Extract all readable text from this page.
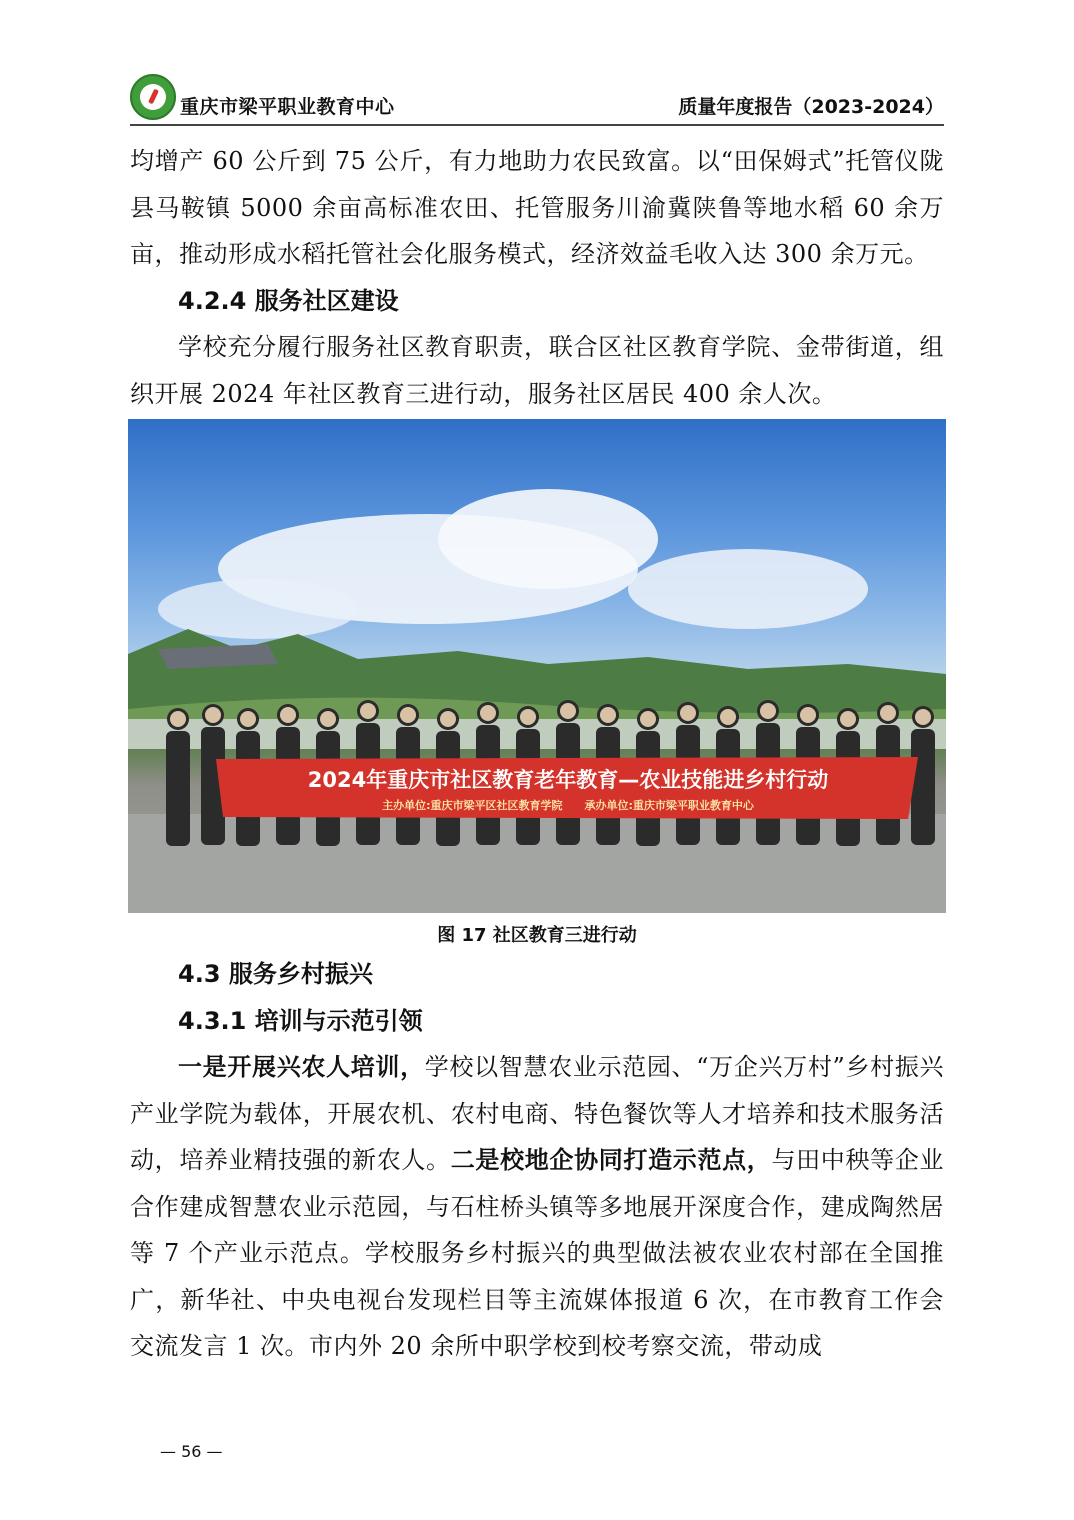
重庆市梁平职业教育中心	质量年度报告（2023-2024）

均增产 60 公斤到 75 公斤，有力地助力农民致富。以“田保姆式”托管仪陇县马鞍镇 5000 余亩高标准农田、托管服务川渝冀陕鲁等地水稻 60 余万亩，推动形成水稻托管社会化服务模式，经济效益毛收入达 300 余万元。

4.2.4 服务社区建设

学校充分履行服务社区教育职责，联合区社区教育学院、金带街道，组织开展 2024 年社区教育三进行动，服务社区居民 400 余人次。

2024年重庆市社区教育老年教育—农业技能进乡村行动
主办单位:重庆市梁平区社区教育学院　　承办单位:重庆市梁平职业教育中心
图 17 社区教育三进行动
4.3 服务乡村振兴
4.3.1 培训与示范引领

一是开展兴农人培训，学校以智慧农业示范园、“万企兴万村”乡村振兴产业学院为载体，开展农机、农村电商、特色餐饮等人才培养和技术服务活动，培养业精技强的新农人。二是校地企协同打造示范点，与田中秧等企业合作建成智慧农业示范园，与石柱桥头镇等多地展开深度合作，建成陶然居等 7 个产业示范点。学校服务乡村振兴的典型做法被农业农村部在全国推广，新华社、中央电视台发现栏目等主流媒体报道 6 次，在市教育工作会交流发言 1 次。市内外 20 余所中职学校到校考察交流，带动成

— 56 —
